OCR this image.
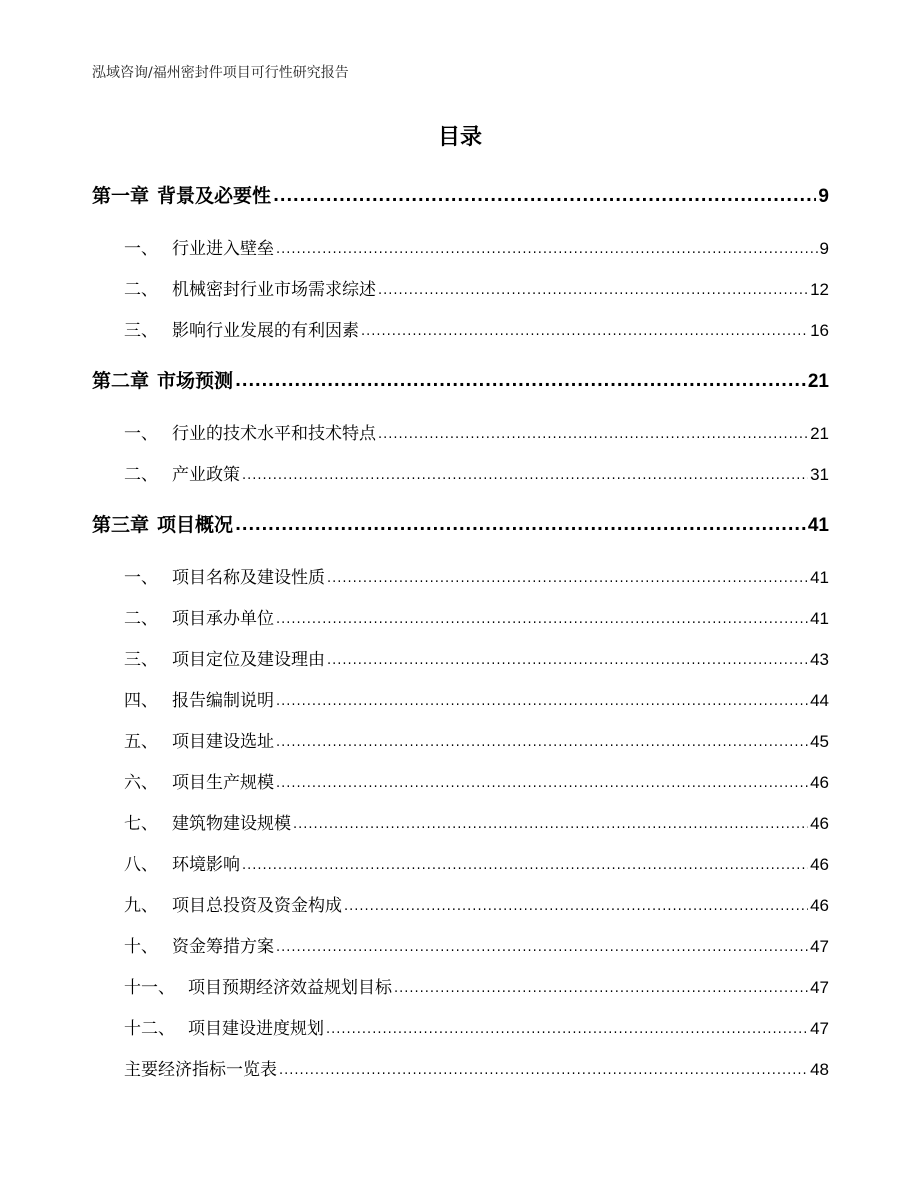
泓域咨询/福州密封件项目可行性研究报告
目录
第一章 背景及必要性 .....	9
一、 行业进入壁垒 .....	9
二、 机械密封行业市场需求综述 .....	12
三、 影响行业发展的有利因素 .....	16
第二章 市场预测 .....	21
一、 行业的技术水平和技术特点 .....	21
二、 产业政策 .....	31
第三章 项目概况 .....	41
一、 项目名称及建设性质 .....	41
二、 项目承办单位 .....	41
三、 项目定位及建设理由 .....	43
四、 报告编制说明 .....	44
五、 项目建设选址 .....	45
六、 项目生产规模 .....	46
七、 建筑物建设规模 .....	46
八、 环境影响 .....	46
九、 项目总投资及资金构成 .....	46
十、 资金筹措方案 .....	47
十一、 项目预期经济效益规划目标 .....	47
十二、 项目建设进度规划 .....	47
主要经济指标一览表 .....	48
